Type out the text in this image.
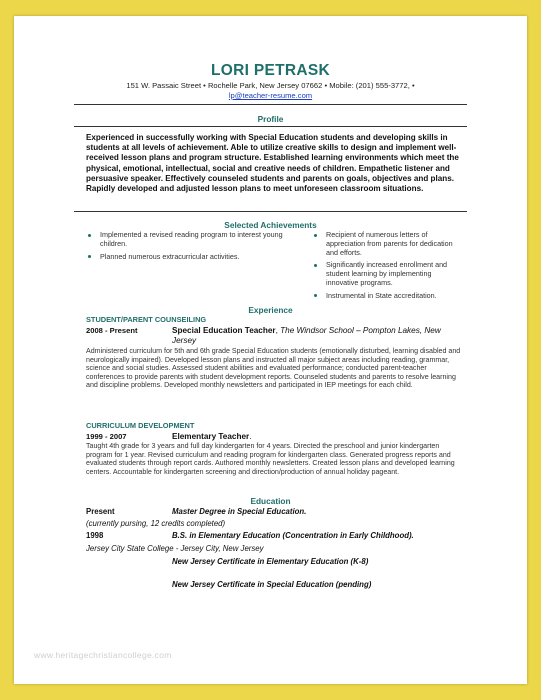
LORI PETRASK
151 W. Passaic Street • Rochelle Park, New Jersey 07662 • Mobile: (201) 555-3772, •
lp@teacher-resume.com
Profile
Experienced in successfully working with Special Education students and developing skills in students at all levels of achievement. Able to utilize creative skills to design and implement well-received lesson plans and program structure. Established learning environments which meet the physical, emotional, intellectual, social and creative needs of children. Empathetic listener and persuasive speaker. Effectively counseled students and parents on goals, objectives and plans. Rapidly developed and adjusted lesson plans to meet unforeseen classroom situations.
Selected Achievements
Implemented a revised reading program to interest young children.
Planned numerous extracurricular activities.
Recipient of numerous letters of appreciation from parents for dedication and efforts.
Significantly increased enrollment and student learning by implementing innovative programs.
Instrumental in State accreditation.
Experience
STUDENT/PARENT COUNSEILING
2008 - Present	Special Education Teacher, The Windsor School – Pompton Lakes, New Jersey
Administered curriculum for 5th and 6th grade Special Education students (emotionally disturbed, learning disabled and neurologically impaired). Developed lesson plans and instructed all major subject areas including reading, grammar, science and social studies. Assessed student abilities and evaluated performance; conducted parent-teacher conferences to provide parents with student development reports. Counseled students and parents to resolve learning and discipline problems. Developed monthly newsletters and participated in IEP meetings for each child.
CURRICULUM DEVELOPMENT
1999 - 2007	Elementary Teacher.
Taught 4th grade for 3 years and full day kindergarten for 4 years. Directed the preschool and junior kindergarten program for 1 year. Revised curriculum and reading program for kindergarten class. Generated progress reports and evaluated students through report cards. Authored monthly newsletters. Created lesson plans and developed learning centers. Accountable for kindergarten screening and direction/production of annual holiday pageant.
Education
Present	Master Degree in Special Education.
(currently pursing, 12 credits completed)
1998	B.S. in Elementary Education (Concentration in Early Childhood).
Jersey City State College - Jersey City, New Jersey
New Jersey Certificate in Elementary Education (K-8)
New Jersey Certificate in Special Education (pending)
www.heritagechristiancollege.com
